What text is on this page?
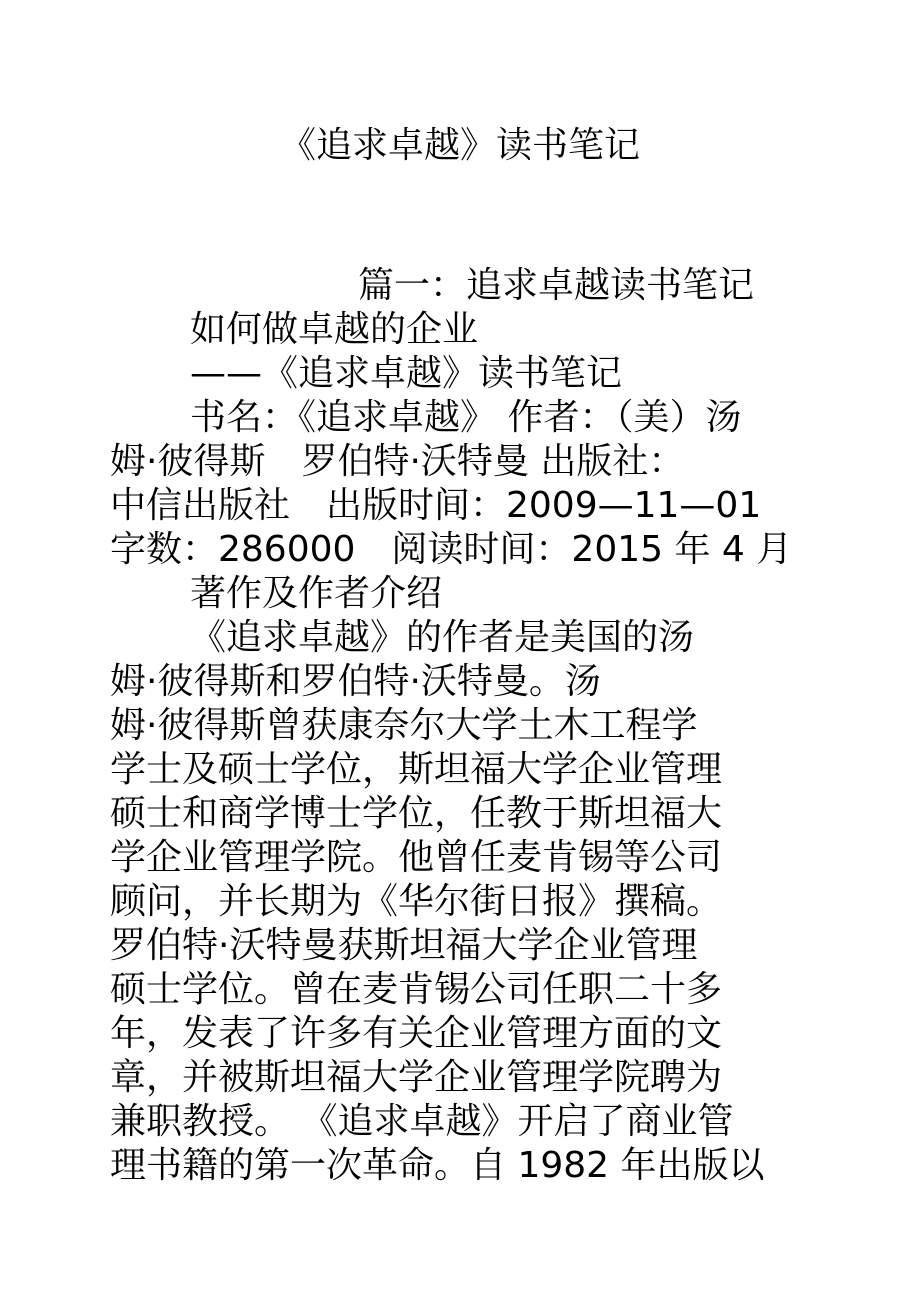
《追求卓越》读书笔记
篇一：追求卓越读书笔记
如何做卓越的企业
——《追求卓越》读书笔记
书名：《追求卓越》 作者：（美）汤
姆·彼得斯　罗伯特·沃特曼 出版社：
中信出版社　出版时间：2009—11—01
字数：286000　阅读时间：2015 年 4 月
著作及作者介绍
《追求卓越》的作者是美国的汤
姆·彼得斯和罗伯特·沃特曼。汤
姆·彼得斯曾获康奈尔大学土木工程学
学士及硕士学位，斯坦福大学企业管理
硕士和商学博士学位，任教于斯坦福大
学企业管理学院。他曾任麦肯锡等公司
顾问，并长期为《华尔街日报》撰稿。
罗伯特·沃特曼获斯坦福大学企业管理
硕士学位。曾在麦肯锡公司任职二十多
年，发表了许多有关企业管理方面的文
章，并被斯坦福大学企业管理学院聘为
兼职教授。 《追求卓越》开启了商业管
理书籍的第一次革命。自 1982 年出版以
